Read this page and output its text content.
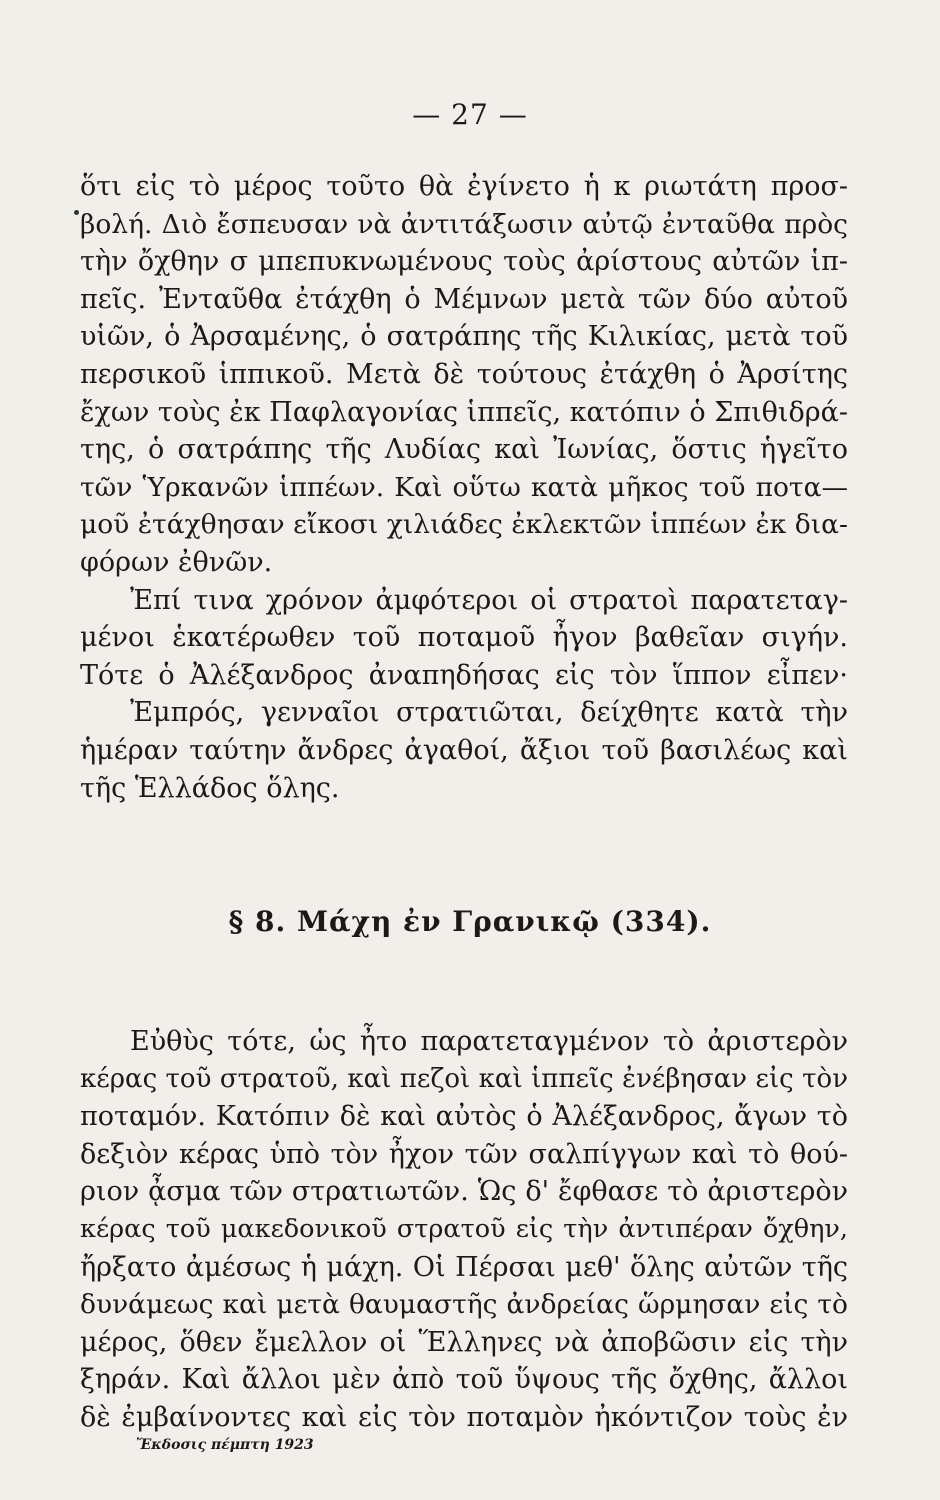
— 27 —
ὅτι εἰς τὸ μέρος τοῦτο θὰ ἐγίνετο ἡ κ ριωτάτη προσ-
βολή. Διὸ ἔσπευσαν νὰ ἀντιτάξωσιν αὐτῷ ἐνταῦθα πρὸς
τὴν ὄχθην σ μπεπυκνωμένους τοὺς ἀρίστους αὐτῶν ἱπ-
πεῖς. Ἐνταῦθα ἐτάχθη ὁ Μέμνων μετὰ τῶν δύο αὐτοῦ
υἱῶν, ὁ Ἀρσαμένης, ὁ σατράπης τῆς Κιλικίας, μετὰ τοῦ
περσικοῦ ἱππικοῦ. Μετὰ δὲ τούτους ἐτάχθη ὁ Ἀρσίτης
ἔχων τοὺς ἐκ Παφλαγονίας ἱππεῖς, κατόπιν ὁ Σπιθιδρά-
της, ὁ σατράπης τῆς Λυδίας καὶ Ἰωνίας, ὅστις ἡγεῖτο
τῶν Ὑρκανῶν ἱππέων. Καὶ οὕτω κατὰ μῆκος τοῦ ποτα—
μοῦ ἐτάχθησαν εἴκοσι χιλιάδες ἐκλεκτῶν ἱππέων ἐκ δια-
φόρων ἐθνῶν.
Ἐπί τινα χρόνον ἀμφότεροι οἱ στρατοὶ παρατεταγ-
μένοι ἑκατέρωθεν τοῦ ποταμοῦ ἦγον βαθεῖαν σιγήν.
Τότε ὁ Ἀλέξανδρος ἀναπηδήσας εἰς τὸν ἵππον εἶπεν·
Ἐμπρός, γενναῖοι στρατιῶται, δείχθητε κατὰ τὴν
ἡμέραν ταύτην ἄνδρες ἀγαθοί, ἄξιοι τοῦ βασιλέως καὶ
τῆς Ἑλλάδος ὅλης.
§ 8. Μάχη ἐν Γρανικῷ (334).
Εὐθὺς τότε, ὡς ἦτο παρατεταγμένον τὸ ἀριστερὸν
κέρας τοῦ στρατοῦ, καὶ πεζοὶ καὶ ἱππεῖς ἐνέβησαν εἰς τὸν
ποταμόν. Κατόπιν δὲ καὶ αὐτὸς ὁ Ἀλέξανδρος, ἄγων τὸ
δεξιὸν κέρας ὑπὸ τὸν ἦχον τῶν σαλπίγγων καὶ τὸ θού-
ριον ᾆσμα τῶν στρατιωτῶν. Ὡς δ' ἔφθασε τὸ ἀριστερὸν
κέρας τοῦ μακεδονικοῦ στρατοῦ εἰς τὴν ἀντιπέραν ὄχθην,
ἤρξατο ἀμέσως ἡ μάχη. Οἱ Πέρσαι μεθ' ὅλης αὐτῶν τῆς
δυνάμεως καὶ μετὰ θαυμαστῆς ἀνδρείας ὥρμησαν εἰς τὸ
μέρος, ὅθεν ἔμελλον οἱ Ἕλληνες νὰ ἀποβῶσιν εἰς τὴν
ξηράν. Καὶ ἄλλοι μὲν ἀπὸ τοῦ ὕψους τῆς ὄχθης, ἄλλοι
δὲ ἐμβαίνοντες καὶ εἰς τὸν ποταμὸν ἠκόντιζον τοὺς ἐν
Ἔκδοσις πέμπτη 1923
